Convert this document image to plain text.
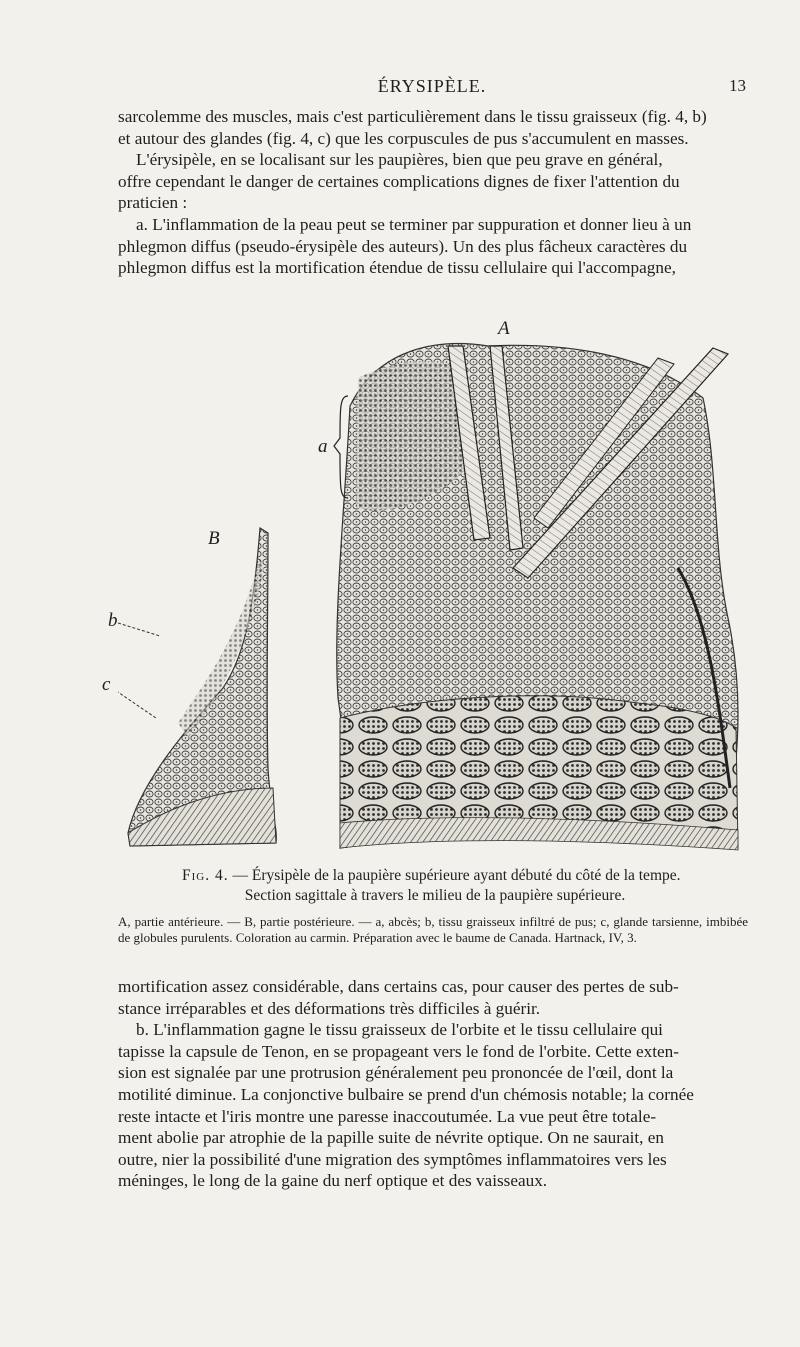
ÉRYSIPÈLE.	13
sarcolemme des muscles, mais c'est particulièrement dans le tissu graisseux (fig. 4, b)
et autour des glandes (fig. 4, c) que les corpuscules de pus s'accumulent en masses.
L'érysipèle, en se localisant sur les paupières, bien que peu grave en général,
offre cependant le danger de certaines complications dignes de fixer l'attention du
praticien :
a. L'inflammation de la peau peut se terminer par suppuration et donner lieu à un
phlegmon diffus (pseudo-érysipèle des auteurs). Un des plus fâcheux caractères du
phlegmon diffus est la mortification étendue de tissu cellulaire qui l'accompagne,
A
B
a
b
c

Fig. 4. — Érysipèle de la paupière supérieure ayant débuté du côté de la tempe.

Section sagittale à travers le milieu de la paupière supérieure.

A, partie antérieure. — B, partie postérieure. — a, abcès; b, tissu graisseux infiltré de pus; c, glande tarsienne, imbibée de globules purulents. Coloration au carmin. Préparation avec le baume de Canada. Hartnack, IV, 3.

mortification assez considérable, dans certains cas, pour causer des pertes de sub-
stance irréparables et des déformations très difficiles à guérir.
b. L'inflammation gagne le tissu graisseux de l'orbite et le tissu cellulaire qui
tapisse la capsule de Tenon, en se propageant vers le fond de l'orbite. Cette exten-
sion est signalée par une protrusion généralement peu prononcée de l'œil, dont la
motilité diminue. La conjonctive bulbaire se prend d'un chémosis notable; la cornée
reste intacte et l'iris montre une paresse inaccoutumée. La vue peut être totale-
ment abolie par atrophie de la papille suite de névrite optique. On ne saurait, en
outre, nier la possibilité d'une migration des symptômes inflammatoires vers les
méninges, le long de la gaine du nerf optique et des vaisseaux.
